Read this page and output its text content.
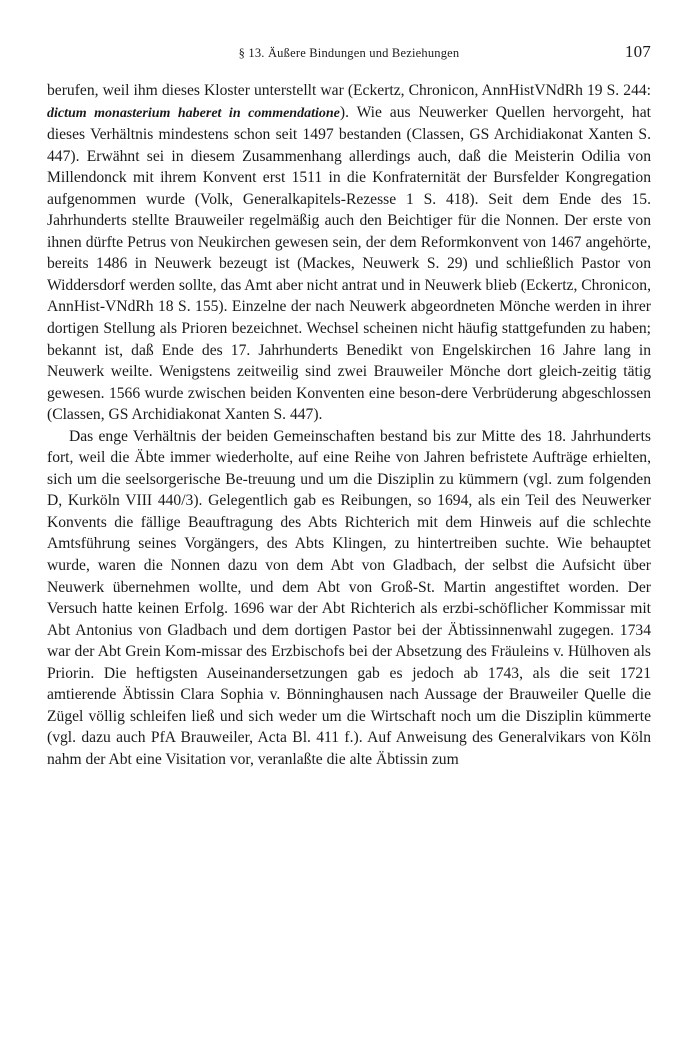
§ 13. Äußere Bindungen und Beziehungen	107

berufen, weil ihm dieses Kloster unterstellt war (Eckertz, Chronicon, AnnHistVNdRh 19 S. 244: dictum monasterium haberet in commendatione). Wie aus Neuwerker Quellen hervorgeht, hat dieses Verhältnis mindestens schon seit 1497 bestanden (Classen, GS Archidiakonat Xanten S. 447). Erwähnt sei in diesem Zusammenhang allerdings auch, daß die Meisterin Odilia von Millendonck mit ihrem Konvent erst 1511 in die Konfraternität der Bursfelder Kongregation aufgenommen wurde (Volk, Generalkapitels-Rezesse 1 S. 418). Seit dem Ende des 15. Jahrhunderts stellte Brauweiler regelmäßig auch den Beichtiger für die Nonnen. Der erste von ihnen dürfte Petrus von Neukirchen gewesen sein, der dem Reformkonvent von 1467 angehörte, bereits 1486 in Neuwerk bezeugt ist (Mackes, Neuwerk S. 29) und schließlich Pastor von Widdersdorf werden sollte, das Amt aber nicht antrat und in Neuwerk blieb (Eckertz, Chronicon, AnnHist-VNdRh 18 S. 155). Einzelne der nach Neuwerk abgeordneten Mönche werden in ihrer dortigen Stellung als Prioren bezeichnet. Wechsel scheinen nicht häufig stattgefunden zu haben; bekannt ist, daß Ende des 17. Jahrhunderts Benedikt von Engelskirchen 16 Jahre lang in Neuwerk weilte. Wenigstens zeitweilig sind zwei Brauweiler Mönche dort gleich-zeitig tätig gewesen. 1566 wurde zwischen beiden Konventen eine beson-dere Verbrüderung abgeschlossen (Classen, GS Archidiakonat Xanten S. 447).

Das enge Verhältnis der beiden Gemeinschaften bestand bis zur Mitte des 18. Jahrhunderts fort, weil die Äbte immer wiederholte, auf eine Reihe von Jahren befristete Aufträge erhielten, sich um die seelsorgerische Be-treuung und um die Disziplin zu kümmern (vgl. zum folgenden D, Kurköln VIII 440/3). Gelegentlich gab es Reibungen, so 1694, als ein Teil des Neuwerker Konvents die fällige Beauftragung des Abts Richterich mit dem Hinweis auf die schlechte Amtsführung seines Vorgängers, des Abts Klingen, zu hintertreiben suchte. Wie behauptet wurde, waren die Nonnen dazu von dem Abt von Gladbach, der selbst die Aufsicht über Neuwerk übernehmen wollte, und dem Abt von Groß-St. Martin angestiftet worden. Der Versuch hatte keinen Erfolg. 1696 war der Abt Richterich als erzbi-schöflicher Kommissar mit Abt Antonius von Gladbach und dem dortigen Pastor bei der Äbtissinnenwahl zugegen. 1734 war der Abt Grein Kom-missar des Erzbischofs bei der Absetzung des Fräuleins v. Hülhoven als Priorin. Die heftigsten Auseinandersetzungen gab es jedoch ab 1743, als die seit 1721 amtierende Äbtissin Clara Sophia v. Bönninghausen nach Aussage der Brauweiler Quelle die Zügel völlig schleifen ließ und sich weder um die Wirtschaft noch um die Disziplin kümmerte (vgl. dazu auch PfA Brauweiler, Acta Bl. 411 f.). Auf Anweisung des Generalvikars von Köln nahm der Abt eine Visitation vor, veranlaßte die alte Äbtissin zum
